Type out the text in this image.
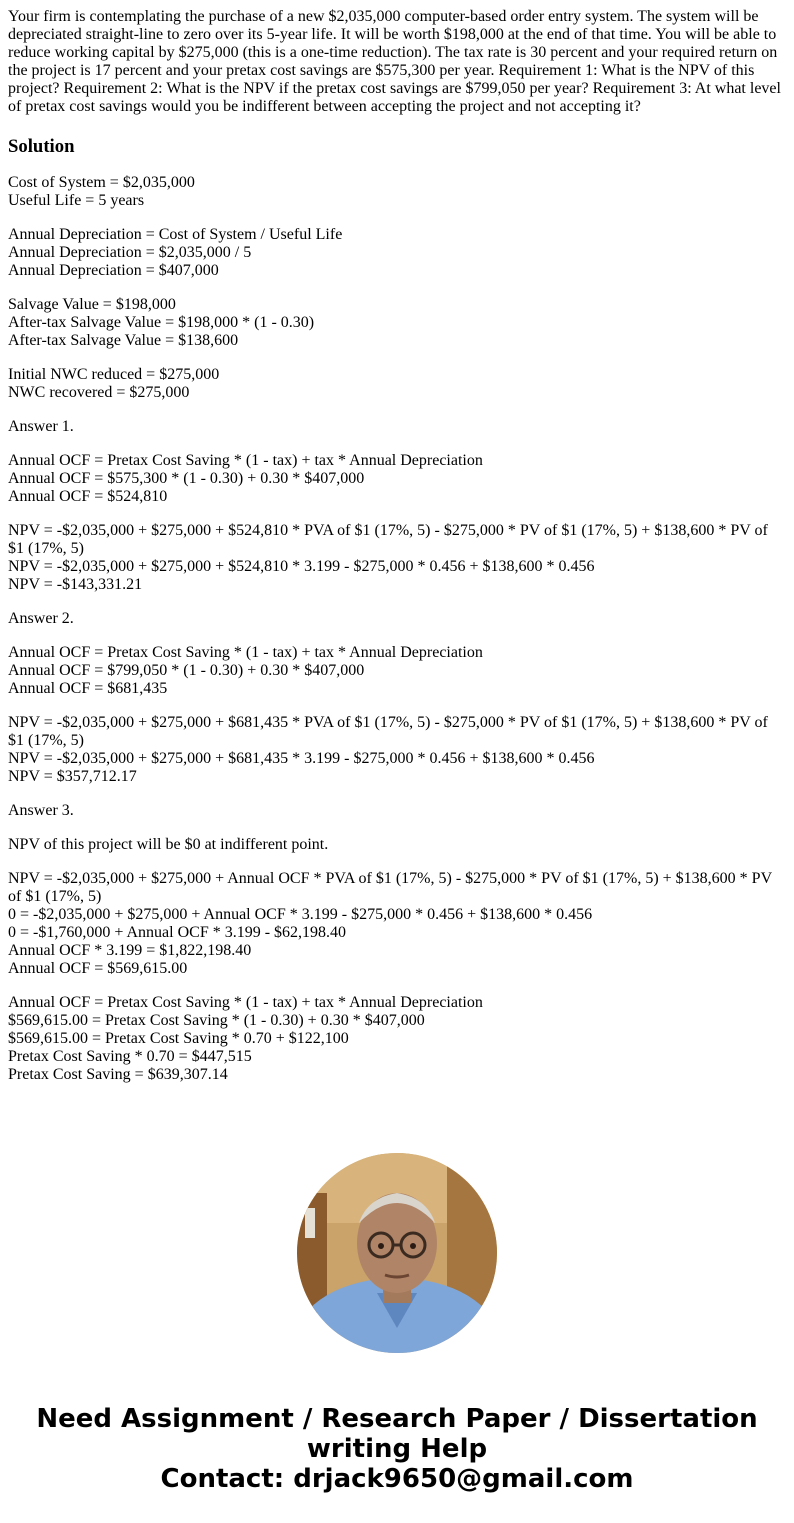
Your firm is contemplating the purchase of a new $2,035,000 computer-based order entry system. The system will be depreciated straight-line to zero over its 5-year life. It will be worth $198,000 at the end of that time. You will be able to reduce working capital by $275,000 (this is a one-time reduction). The tax rate is 30 percent and your required return on the project is 17 percent and your pretax cost savings are $575,300 per year. Requirement 1: What is the NPV of this project? Requirement 2: What is the NPV if the pretax cost savings are $799,050 per year? Requirement 3: At what level of pretax cost savings would you be indifferent between accepting the project and not accepting it?

Solution

Cost of System = $2,035,000
Useful Life = 5 years

Annual Depreciation = Cost of System / Useful Life
Annual Depreciation = $2,035,000 / 5
Annual Depreciation = $407,000

Salvage Value = $198,000
After-tax Salvage Value = $198,000 * (1 - 0.30)
After-tax Salvage Value = $138,600

Initial NWC reduced = $275,000
NWC recovered = $275,000

Answer 1.

Annual OCF = Pretax Cost Saving * (1 - tax) + tax * Annual Depreciation
Annual OCF = $575,300 * (1 - 0.30) + 0.30 * $407,000
Annual OCF = $524,810

NPV = -$2,035,000 + $275,000 + $524,810 * PVA of $1 (17%, 5) - $275,000 * PV of $1 (17%, 5) + $138,600 * PV of $1 (17%, 5)
NPV = -$2,035,000 + $275,000 + $524,810 * 3.199 - $275,000 * 0.456 + $138,600 * 0.456
NPV = -$143,331.21

Answer 2.

Annual OCF = Pretax Cost Saving * (1 - tax) + tax * Annual Depreciation
Annual OCF = $799,050 * (1 - 0.30) + 0.30 * $407,000
Annual OCF = $681,435

NPV = -$2,035,000 + $275,000 + $681,435 * PVA of $1 (17%, 5) - $275,000 * PV of $1 (17%, 5) + $138,600 * PV of $1 (17%, 5)
NPV = -$2,035,000 + $275,000 + $681,435 * 3.199 - $275,000 * 0.456 + $138,600 * 0.456
NPV = $357,712.17

Answer 3.

NPV of this project will be $0 at indifferent point.

NPV = -$2,035,000 + $275,000 + Annual OCF * PVA of $1 (17%, 5) - $275,000 * PV of $1 (17%, 5) + $138,600 * PV of $1 (17%, 5)
0 = -$2,035,000 + $275,000 + Annual OCF * 3.199 - $275,000 * 0.456 + $138,600 * 0.456
0 = -$1,760,000 + Annual OCF * 3.199 - $62,198.40
Annual OCF * 3.199 = $1,822,198.40
Annual OCF = $569,615.00

Annual OCF = Pretax Cost Saving * (1 - tax) + tax * Annual Depreciation
$569,615.00 = Pretax Cost Saving * (1 - 0.30) + 0.30 * $407,000
$569,615.00 = Pretax Cost Saving * 0.70 + $122,100
Pretax Cost Saving * 0.70 = $447,515
Pretax Cost Saving = $639,307.14

Need Assignment / Research Paper / Dissertation
writing Help
Contact: drjack9650@gmail.com
